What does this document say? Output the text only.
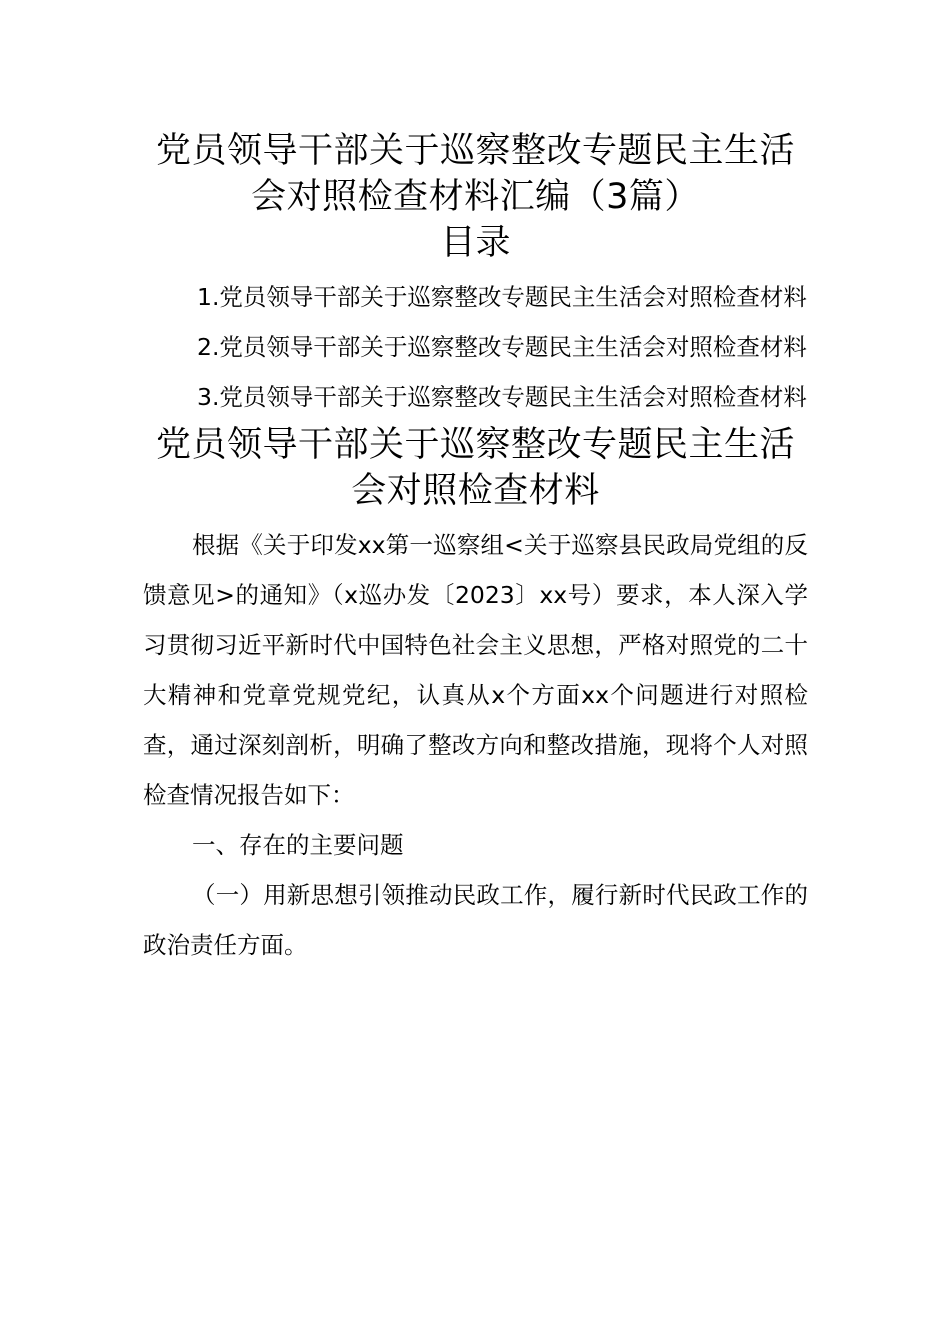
党员领导干部关于巡察整改专题民主生活
会对照检查材料汇编（3篇）
目录
1.党员领导干部关于巡察整改专题民主生活会对照检查材料
2.党员领导干部关于巡察整改专题民主生活会对照检查材料
3.党员领导干部关于巡察整改专题民主生活会对照检查材料
党员领导干部关于巡察整改专题民主生活
会对照检查材料

根据《关于印发xx第一巡察组<关于巡察县民政局党组的反馈意见>的通知》（x巡办发〔2023〕xx号）要求，本人深入学习贯彻习近平新时代中国特色社会主义思想，严格对照党的二十大精神和党章党规党纪，认真从x个方面xx个问题进行对照检查，通过深刻剖析，明确了整改方向和整改措施，现将个人对照检查情况报告如下：

一、存在的主要问题

（一）用新思想引领推动民政工作，履行新时代民政工作的政治责任方面。
